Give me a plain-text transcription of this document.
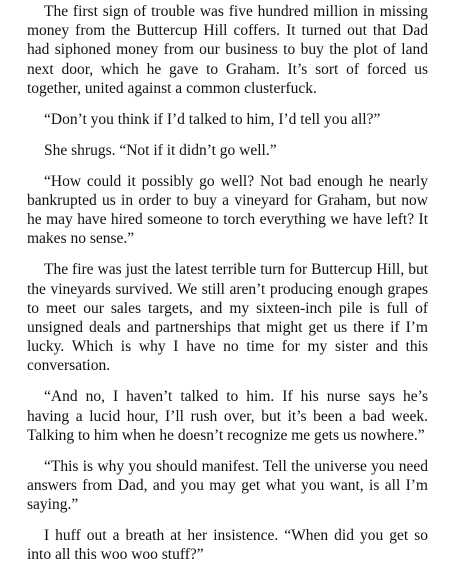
The first sign of trouble was five hundred million in missing money from the Buttercup Hill coffers. It turned out that Dad had siphoned money from our business to buy the plot of land next door, which he gave to Graham. It’s sort of forced us together, united against a common clusterfuck.

“Don’t you think if I’d talked to him, I’d tell you all?”

She shrugs. “Not if it didn’t go well.”

“How could it possibly go well? Not bad enough he nearly bankrupted us in order to buy a vineyard for Graham, but now he may have hired someone to torch everything we have left? It makes no sense.”

The fire was just the latest terrible turn for Buttercup Hill, but the vineyards survived. We still aren’t producing enough grapes to meet our sales targets, and my sixteen-inch pile is full of unsigned deals and partnerships that might get us there if I’m lucky. Which is why I have no time for my sister and this conversation.

“And no, I haven’t talked to him. If his nurse says he’s having a lucid hour, I’ll rush over, but it’s been a bad week. Talking to him when he doesn’t recognize me gets us nowhere.”

“This is why you should manifest. Tell the universe you need answers from Dad, and you may get what you want, is all I’m saying.”

I huff out a breath at her insistence. “When did you get so into all this woo woo stuff?”
